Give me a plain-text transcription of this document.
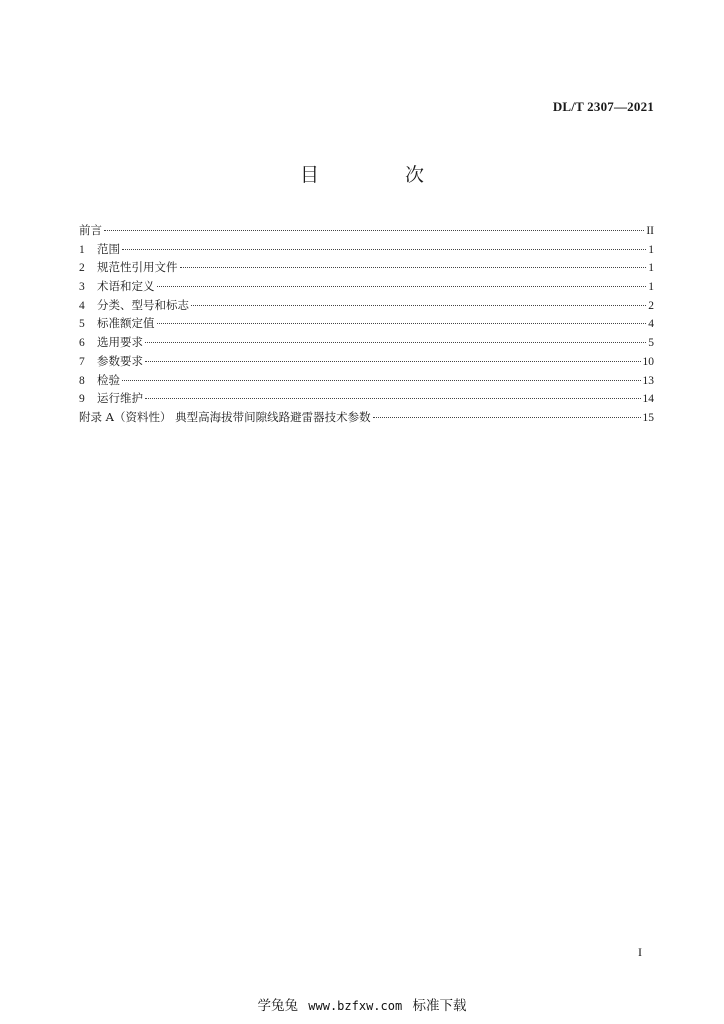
DL/T 2307—2021
目 次
前言	II
1	范围	1
2	规范性引用文件	1
3	术语和定义	1
4	分类、型号和标志	2
5	标准额定值	4
6	选用要求	5
7	参数要求	10
8	检验	13
9	运行维护	14
附录 A（资料性） 典型高海拔带间隙线路避雷器技术参数	15
I
学兔兔 www.bzfxw.com 标准下载
